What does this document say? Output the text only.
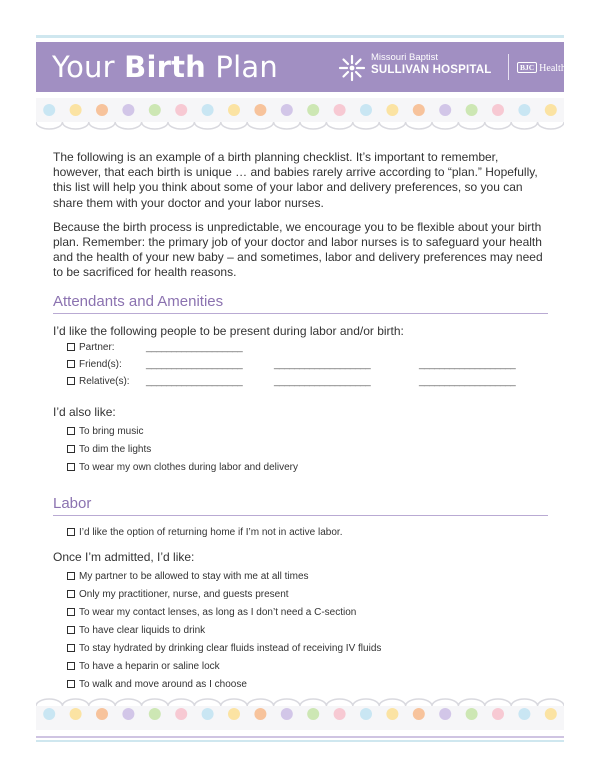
Your Birth Plan	Missouri Baptist
SULLIVAN HOSPITAL	BJC HealthCare

The following is an example of a birth planning checklist. It’s important to remember, however, that each birth is unique … and babies rarely arrive according to “plan.” Hopefully, this list will help you think about some of your labor and delivery preferences, so you can share them with your doctor and your labor nurses.

Because the birth process is unpredictable, we encourage you to be flexible about your birth plan. Remember: the primary job of your doctor and labor nurses is to safeguard your health and the health of your new baby – and sometimes, labor and delivery preferences may need to be sacrificed for health reasons.

Attendants and Amenities
I’d like the following people to be present during labor and/or birth:
Partner:	___________________
Friend(s): ___________________	___________________	___________________
Relative(s): ___________________	___________________	___________________
I’d also like:
To bring music
To dim the lights
To wear my own clothes during labor and delivery
Labor
I’d like the option of returning home if I’m not in active labor.
Once I’m admitted, I’d like:
My partner to be allowed to stay with me at all times
Only my practitioner, nurse, and guests present
To wear my contact lenses, as long as I don’t need a C-section
To have clear liquids to drink
To stay hydrated by drinking clear fluids instead of receiving IV fluids
To have a heparin or saline lock
To walk and move around as I choose
